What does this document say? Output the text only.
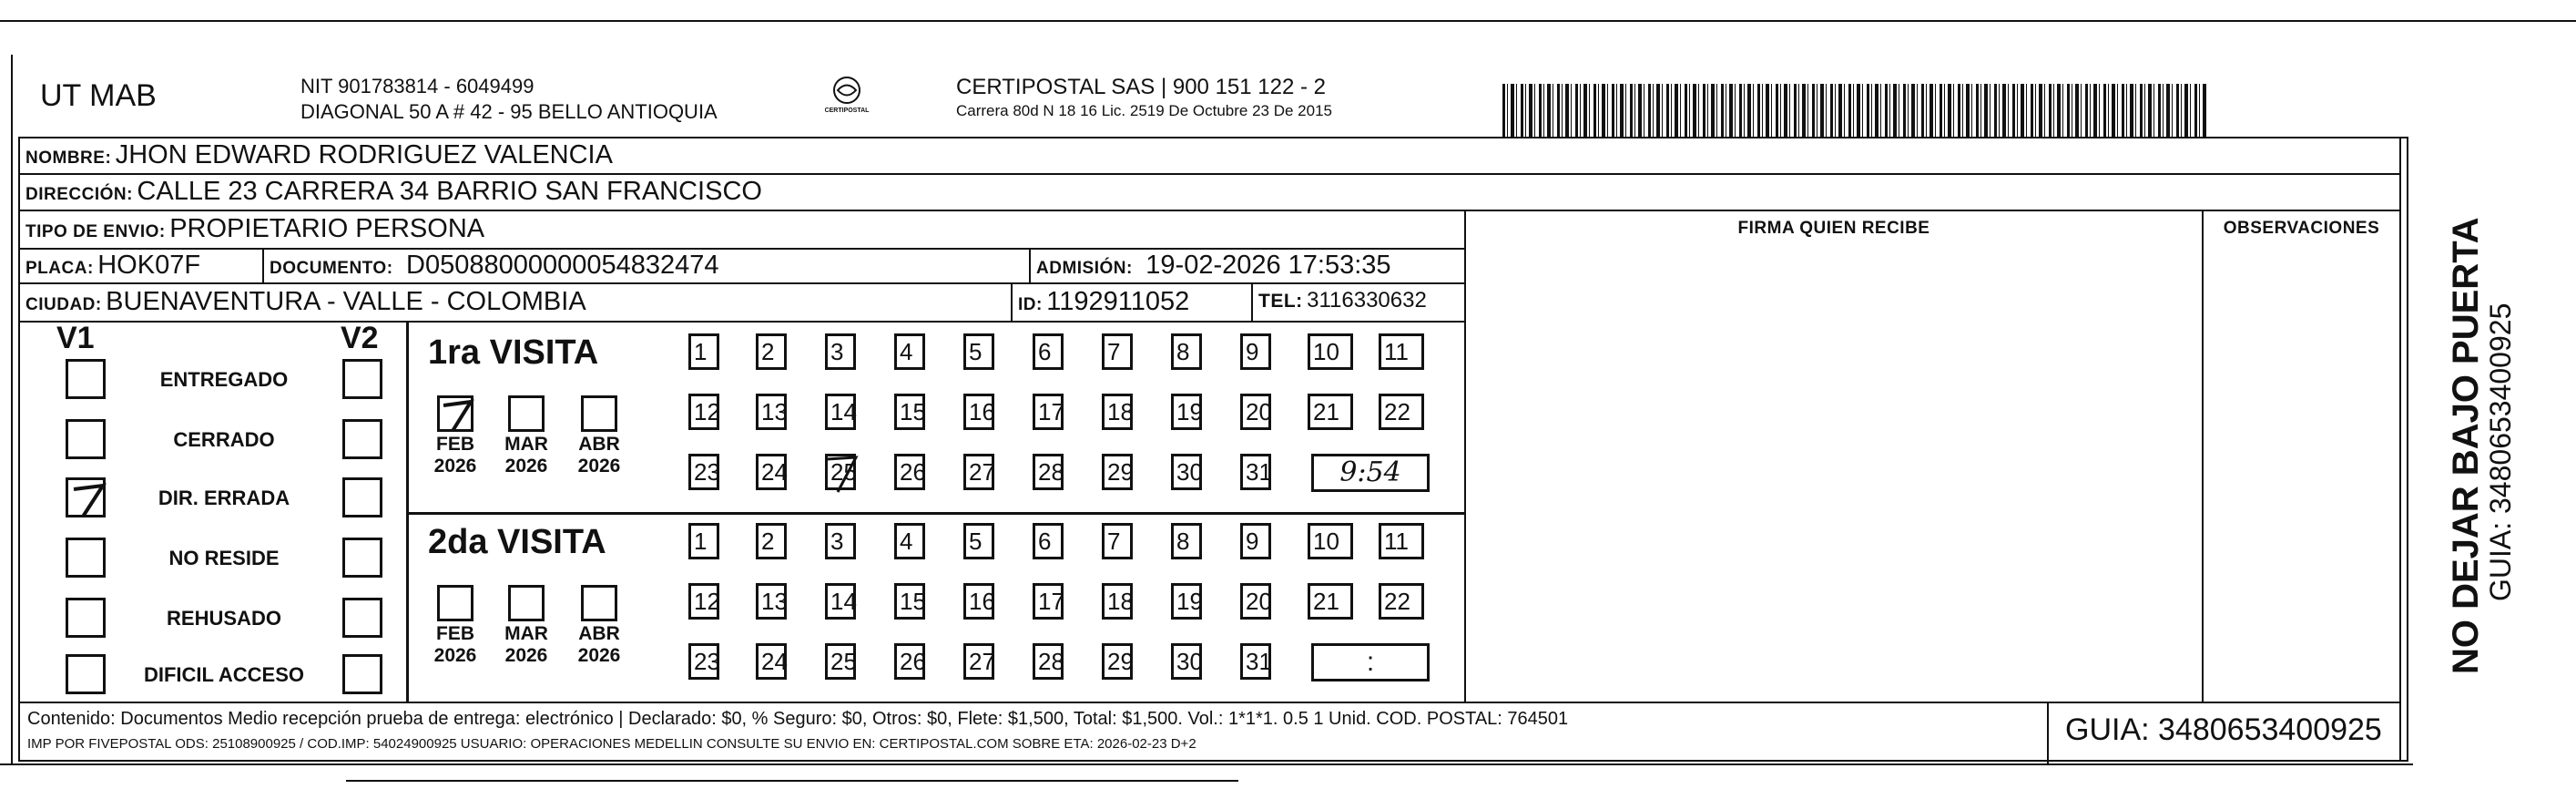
UT MAB	NIT 901783814 - 6049499
DIAGONAL 50 A # 42 - 95 BELLO ANTIOQUIA	CERTIPOSTAL
CERTIPOSTAL SAS | 900 151 122 - 2
Carrera 80d N 18 16 Lic. 2519 De Octubre 23 De 2015
NOMBRE: JHON EDWARD RODRIGUEZ VALENCIA
DIRECCIÓN: CALLE 23 CARRERA 34 BARRIO SAN FRANCISCO
TIPO DE ENVIO: PROPIETARIO PERSONA	FIRMA QUIEN RECIBE	OBSERVACIONES
PLACA: HOK07F	DOCUMENTO: D05088000000054832474	ADMISIÓN: 19-02-2026 17:53:35
CIUDAD: BUENAVENTURA - VALLE - COLOMBIA	ID: 1192911052	TEL: 3116330632
V1	V2
ENTREGADO
CERRADO
DIR. ERRADA
NO RESIDE
REHUSADO
DIFICIL ACCESO
1ra VISITA
FEB
2026
MAR
2026
ABR
2026
1	2	3	4	5	6	7	8	9	10	11
12 13 14 15 16 17 18 19 20 21	22
23 24 25 26 27 28 29 30 31	9:54
2da VISITA
FEB
2026
MAR
2026
ABR
2026
1	2	3	4	5	6	7	8	9	10	11
12 13 14 15 16 17 18 19 20 21	22
23 24 25 26 27 28 29 30 31	:
Contenido: Documentos Medio recepción prueba de entrega: electrónico | Declarado: $0, % Seguro: $0, Otros: $0, Flete: $1,500, Total: $1,500. Vol.: 1*1*1. 0.5 1 Unid. COD. POSTAL: 764501
IMP POR FIVEPOSTAL ODS: 25108900925 / COD.IMP: 54024900925 USUARIO: OPERACIONES MEDELLIN CONSULTE SU ENVIO EN: CERTIPOSTAL.COM SOBRE ETA: 2026-02-23 D+2	GUIA: 3480653400925
NO DEJAR BAJO PUERTA
GUIA: 3480653400925
